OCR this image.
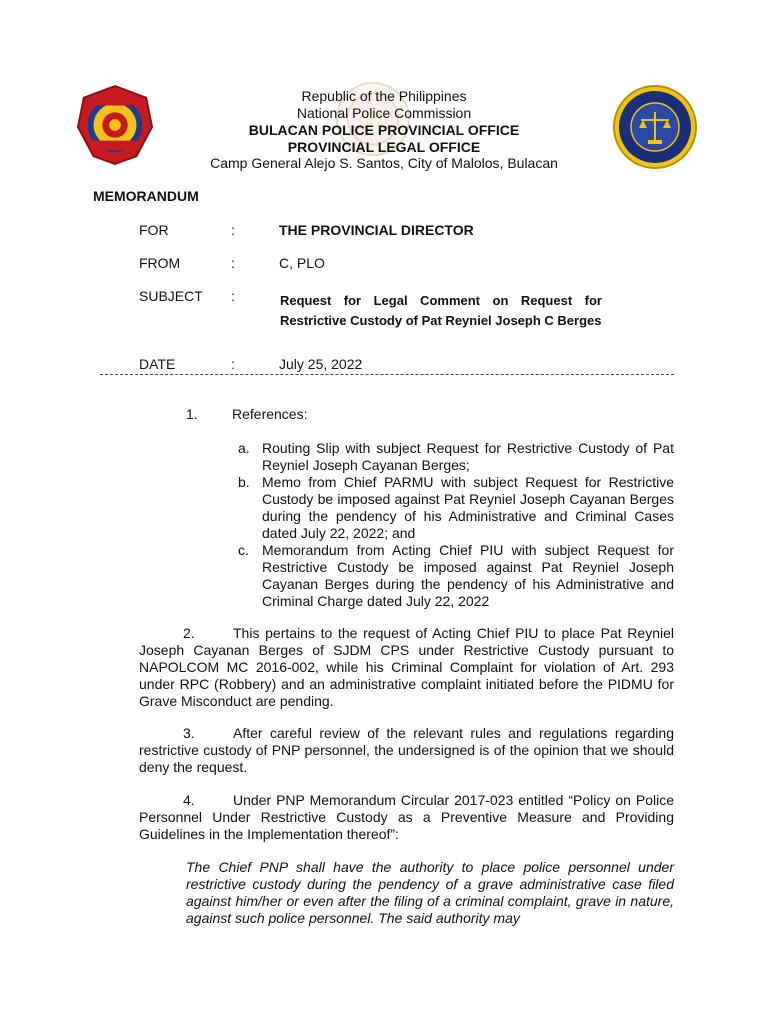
Republic of the Philippines
National Police Commission
BULACAN POLICE PROVINCIAL OFFICE
PROVINCIAL LEGAL OFFICE
Camp General Alejo S. Santos, City of Malolos, Bulacan
MEMORANDUM
FOR	:	THE PROVINCIAL DIRECTOR
FROM	:	C, PLO
SUBJECT :	Request for Legal Comment on Request for Restrictive Custody of Pat Reyniel Joseph C Berges
DATE	:	July 25, 2022
1. References:
a. Routing Slip with subject Request for Restrictive Custody of Pat Reyniel Joseph Cayanan Berges;
b. Memo from Chief PARMU with subject Request for Restrictive Custody be imposed against Pat Reyniel Joseph Cayanan Berges during the pendency of his Administrative and Criminal Cases dated July 22, 2022; and
c. Memorandum from Acting Chief PIU with subject Request for Restrictive Custody be imposed against Pat Reyniel Joseph Cayanan Berges during the pendency of his Administrative and Criminal Charge dated July 22, 2022
2.	This pertains to the request of Acting Chief PIU to place Pat Reyniel Joseph Cayanan Berges of SJDM CPS under Restrictive Custody pursuant to NAPOLCOM MC 2016-002, while his Criminal Complaint for violation of Art. 293 under RPC (Robbery) and an administrative complaint initiated before the PIDMU for Grave Misconduct are pending.
3.	After careful review of the relevant rules and regulations regarding restrictive custody of PNP personnel, the undersigned is of the opinion that we should deny the request.
4.	Under PNP Memorandum Circular 2017-023 entitled “Policy on Police Personnel Under Restrictive Custody as a Preventive Measure and Providing Guidelines in the Implementation thereof”:
The Chief PNP shall have the authority to place police personnel under restrictive custody during the pendency of a grave administrative case filed against him/her or even after the filing of a criminal complaint, grave in nature, against such police personnel. The said authority may
